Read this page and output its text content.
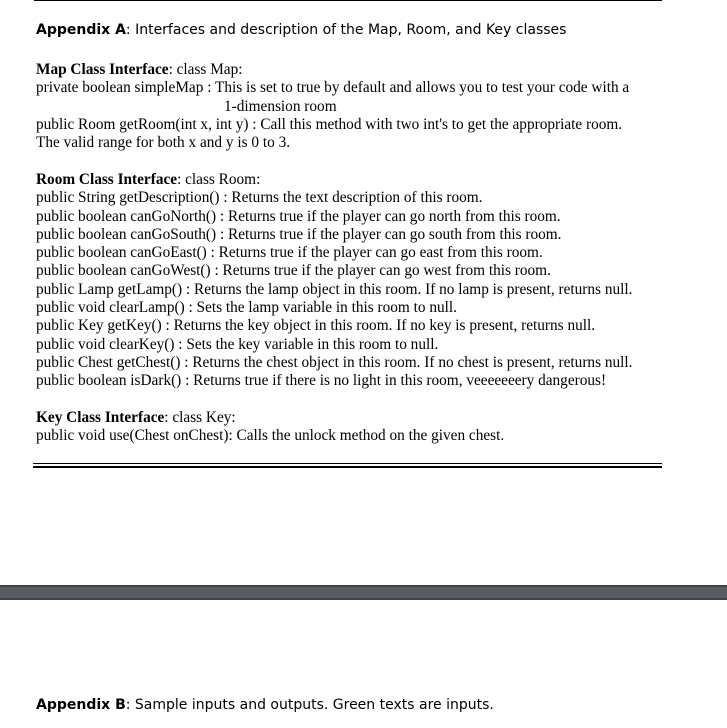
Appendix A: Interfaces and description of the Map, Room, and Key classes
Map Class Interface: class Map:
private boolean simpleMap : This is set to true by default and allows you to test your code with a
1-dimension room
public Room getRoom(int x, int y) : Call this method with two int's to get the appropriate room.
The valid range for both x and y is 0 to 3.
Room Class Interface: class Room:
public String getDescription() : Returns the text description of this room.
public boolean canGoNorth() : Returns true if the player can go north from this room.
public boolean canGoSouth() : Returns true if the player can go south from this room.
public boolean canGoEast() : Returns true if the player can go east from this room.
public boolean canGoWest() : Returns true if the player can go west from this room.
public Lamp getLamp() : Returns the lamp object in this room. If no lamp is present, returns null.
public void clearLamp() : Sets the lamp variable in this room to null.
public Key getKey() : Returns the key object in this room. If no key is present, returns null.
public void clearKey() : Sets the key variable in this room to null.
public Chest getChest() : Returns the chest object in this room. If no chest is present, returns null.
public boolean isDark() : Returns true if there is no light in this room, veeeeeeery dangerous!
Key Class Interface: class Key:
public void use(Chest onChest): Calls the unlock method on the given chest.
Appendix B: Sample inputs and outputs. Green texts are inputs.
